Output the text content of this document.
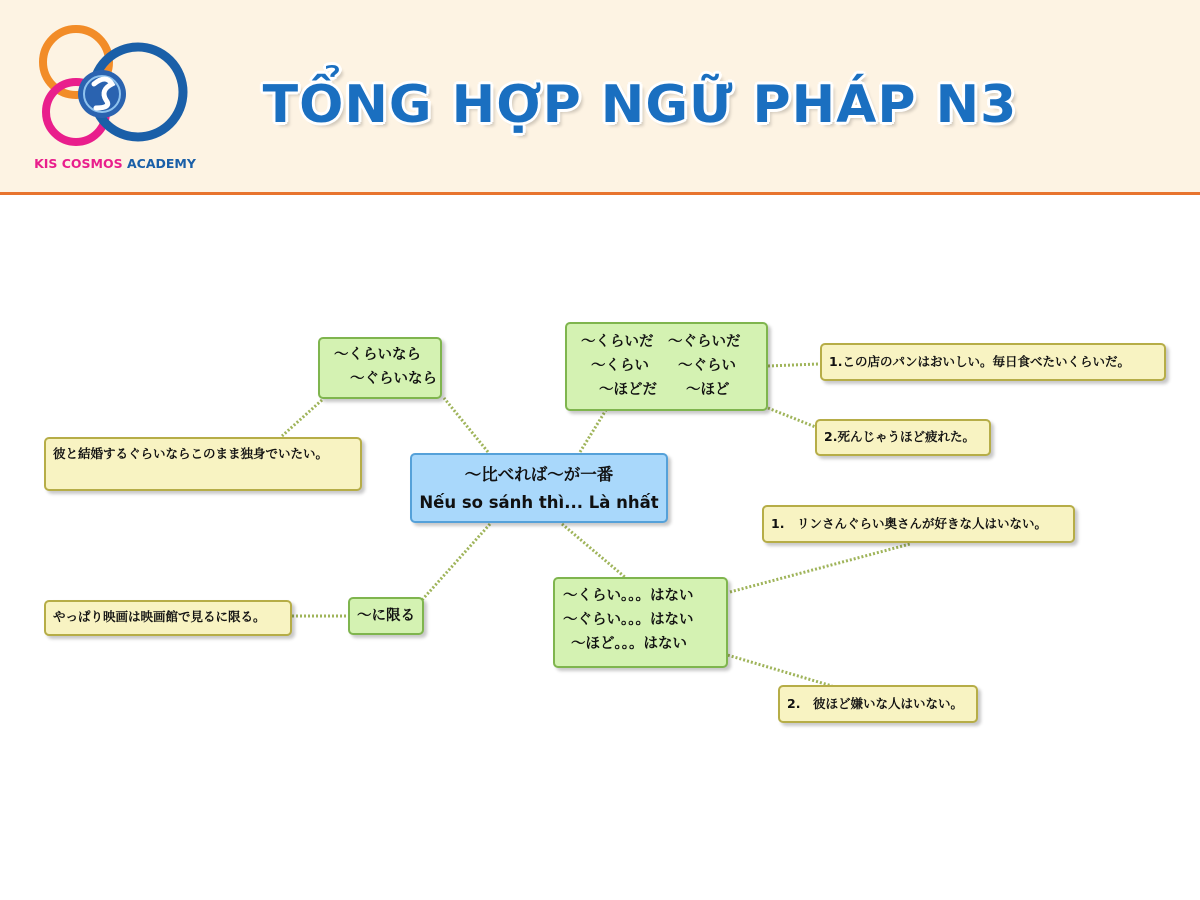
KIS COSMOS ACADEMY
TỔNG HỢP NGỮ PHÁP N3
〜比べれば〜が一番
Nếu so sánh thì... Là nhất
〜くらいなら
〜ぐらいなら
彼と結婚するぐらいならこのまま独身でいたい。
〜くらいだ　〜ぐらいだ
〜くらい　　〜ぐらい
〜ほどだ　　〜ほど
1.この店のパンはおいしい。毎日食べたいくらいだ。
2.死んじゃうほど疲れた。
〜に限る
やっぱり映画は映画館で見るに限る。
〜くらい。。。はない
〜ぐらい。。。はない
〜ほど。。。はない
1.　リンさんぐらい奥さんが好きな人はいない。
2.　彼ほど嫌いな人はいない。
